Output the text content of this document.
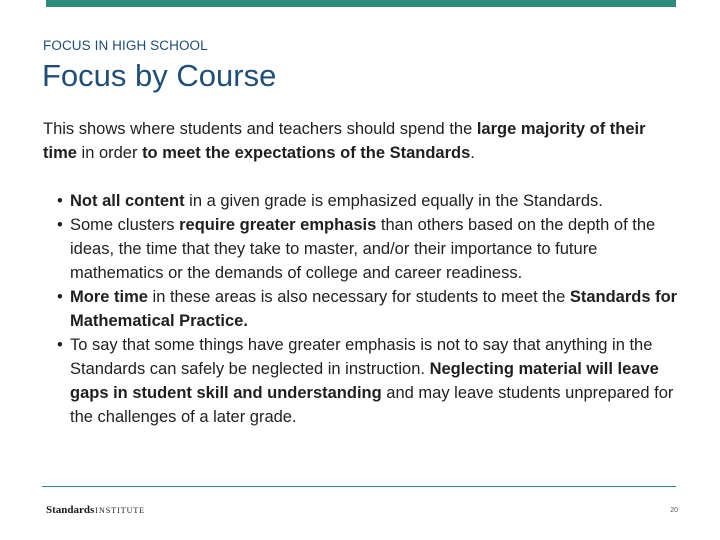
FOCUS IN HIGH SCHOOL
Focus by Course

This shows where students and teachers should spend the large majority of their time in order to meet the expectations of the Standards.

• Not all content in a given grade is emphasized equally in the Standards.
• Some clusters require greater emphasis than others based on the depth of the ideas, the time that they take to master, and/or their importance to future mathematics or the demands of college and career readiness.
• More time in these areas is also necessary for students to meet the Standards for Mathematical Practice.
• To say that some things have greater emphasis is not to say that anything in the Standards can safely be neglected in instruction. Neglecting material will leave gaps in student skill and understanding and may leave students unprepared for the challenges of a later grade.
StandardsINSTITUTE	20
